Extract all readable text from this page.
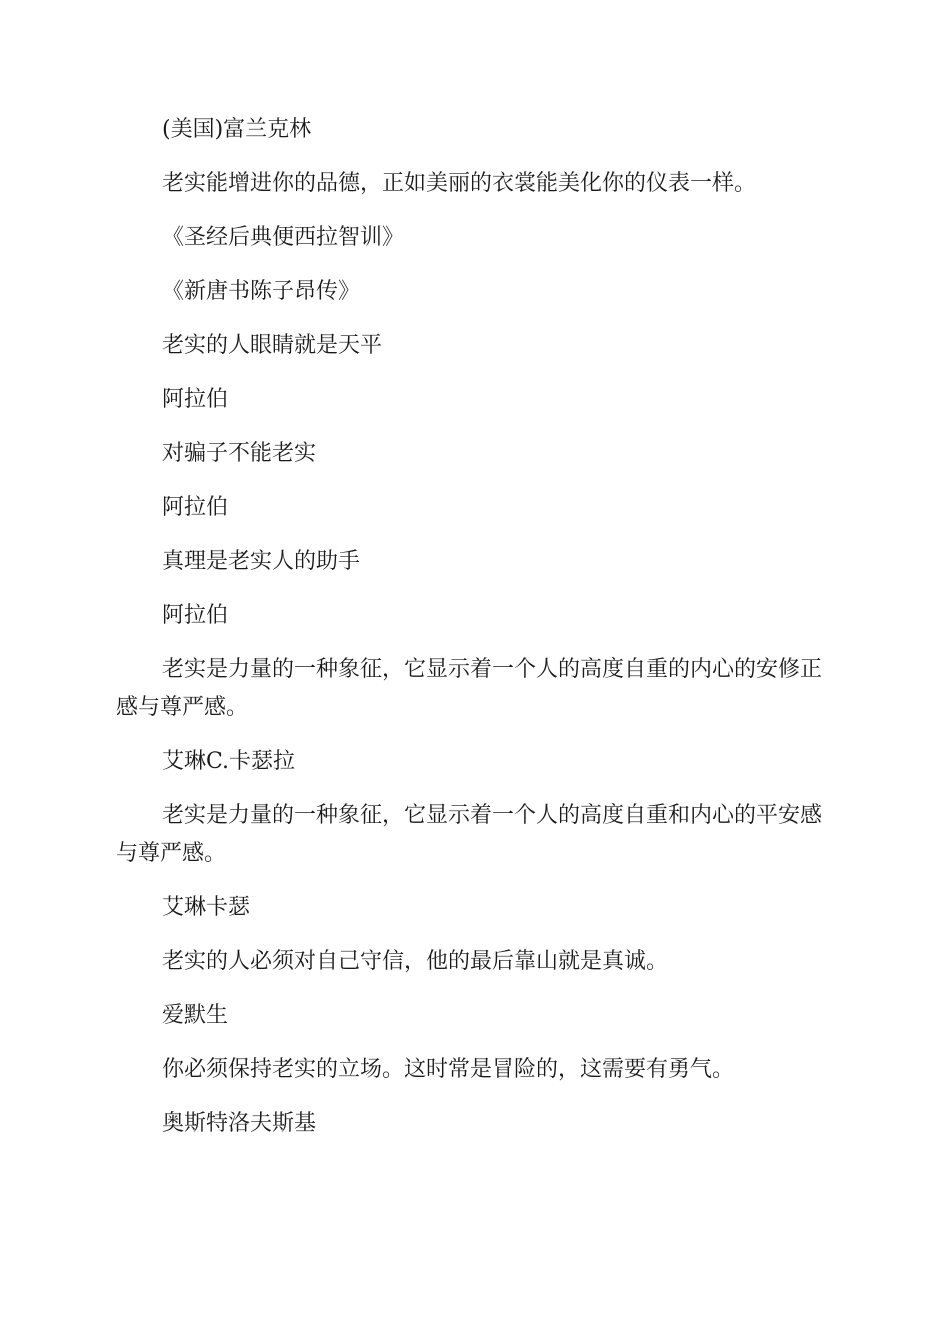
(美国)富兰克林

老实能增进你的品德，正如美丽的衣裳能美化你的仪表一样。

《圣经后典便西拉智训》

《新唐书陈子昂传》

老实的人眼睛就是天平

阿拉伯

对骗子不能老实

阿拉伯

真理是老实人的助手

阿拉伯

老实是力量的一种象征，它显示着一个人的高度自重的内心的安修正
感与尊严感。

艾琳C.卡瑟拉

老实是力量的一种象征，它显示着一个人的高度自重和内心的平安感
与尊严感。

艾琳卡瑟

老实的人必须对自己守信，他的最后靠山就是真诚。

爱默生

你必须保持老实的立场。这时常是冒险的，这需要有勇气。

奥斯特洛夫斯基
